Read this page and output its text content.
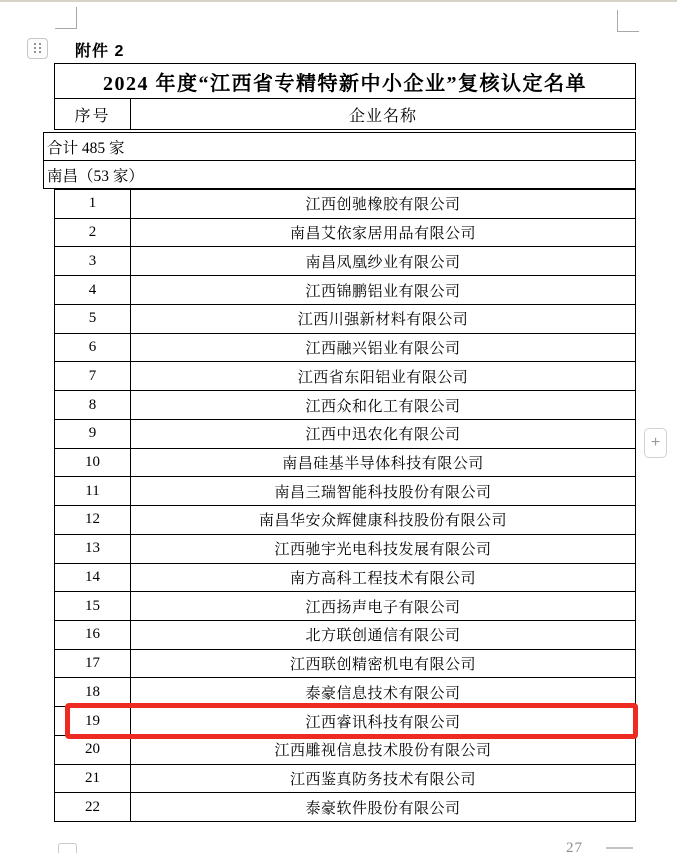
附件 2
2024 年度“江西省专精特新中小企业”复核认定名单
序号	企业名称
合计 485 家
南昌（53 家）
1	江西创驰橡胶有限公司
2	南昌艾依家居用品有限公司
3	南昌凤凰纱业有限公司
4	江西锦鹏铝业有限公司
5	江西川强新材料有限公司
6	江西融兴铝业有限公司
7	江西省东阳铝业有限公司
8	江西众和化工有限公司
9	江西中迅农化有限公司
10	南昌硅基半导体科技有限公司
11	南昌三瑞智能科技股份有限公司
12	南昌华安众辉健康科技股份有限公司
13	江西驰宇光电科技发展有限公司
14	南方高科工程技术有限公司
15	江西扬声电子有限公司
16	北方联创通信有限公司
17	江西联创精密机电有限公司
18	泰豪信息技术有限公司
19	江西睿讯科技有限公司
20	江西雕视信息技术股份有限公司
21	江西鉴真防务技术有限公司
22	泰豪软件股份有限公司
+
27
